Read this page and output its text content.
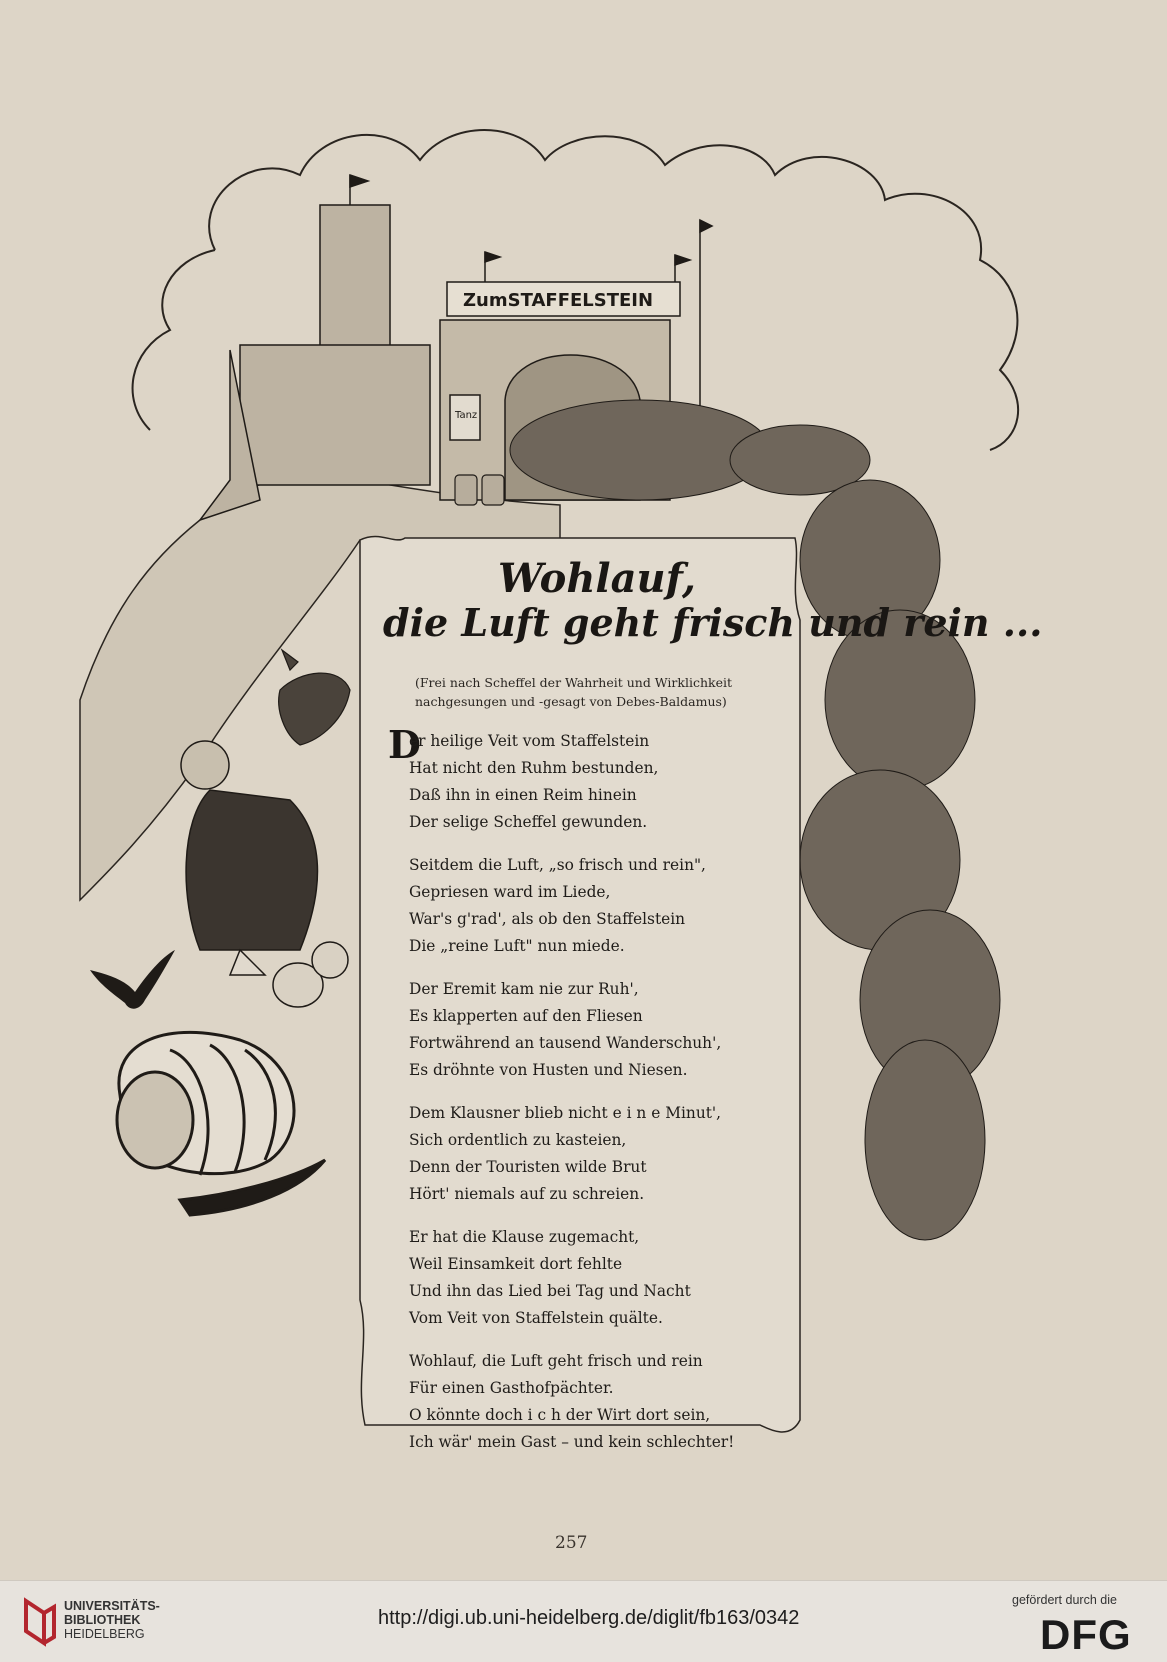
Tanz
ZumSTAFFELSTEIN
Wohlauf,
die Luft geht frisch und rein ...
(Frei nach Scheffel der Wahrheit und Wirklichkeit
nachgesungen und -gesagt von Debes-Baldamus)
D
er heilige Veit vom Staffelstein
Hat nicht den Ruhm bestunden,
Daß ihn in einen Reim hinein
Der selige Scheffel gewunden.
Seitdem die Luft, „so frisch und rein",
Gepriesen ward im Liede,
War's g'rad', als ob den Staffelstein
Die „reine Luft" nun miede.
Der Eremit kam nie zur Ruh',
Es klapperten auf den Fliesen
Fortwährend an tausend Wanderschuh',
Es dröhnte von Husten und Niesen.
Dem Klausner blieb nicht e i n e Minut',
Sich ordentlich zu kasteien,
Denn der Touristen wilde Brut
Hört' niemals auf zu schreien.
Er hat die Klause zugemacht,
Weil Einsamkeit dort fehlte
Und ihn das Lied bei Tag und Nacht
Vom Veit von Staffelstein quälte.
Wohlauf, die Luft geht frisch und rein
Für einen Gasthofpächter.
O könnte doch i c h der Wirt dort sein,
Ich wär' mein Gast – und kein schlechter!
257
UNIVERSITÄTS-
BIBLIOTHEK
HEIDELBERG
http://digi.ub.uni-heidelberg.de/diglit/fb163/0342
gefördert durch die
DFG
